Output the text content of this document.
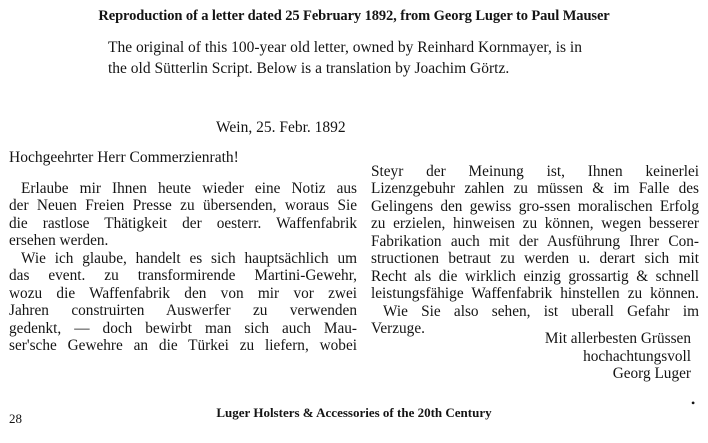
Reproduction of a letter dated 25 February 1892, from Georg Luger to Paul Mauser
The original of this 100-year old letter, owned by Reinhard Kornmayer, is in
the old Sütterlin Script. Below is a translation by Joachim Görtz.
Wein, 25. Febr. 1892
Hochgeehrter Herr Commerzienrath!
Erlaube mir Ihnen heute wieder eine Notiz aus
der Neuen Freien Presse zu übersenden, woraus Sie
die rastlose Thätigkeit der oesterr. Waffenfabrik
ersehen werden.
Wie ich glaube, handelt es sich hauptsächlich um
das event. zu transformirende Martini-Gewehr,
wozu die Waffenfabrik den von mir vor zwei
Jahren construirten Auswerfer zu verwenden
gedenkt, — doch bewirbt man sich auch Mau-
ser'sche Gewehre an die Türkei zu liefern, wobei
Steyr der Meinung ist, Ihnen keinerlei
Lizenzgebuhr zahlen zu müssen & im Falle des
Gelingens den gewiss gro-ssen moralischen Erfolg
zu erzielen, hinweisen zu können, wegen besserer
Fabrikation auch mit der Ausführung Ihrer Con-
structionen betraut zu werden u. derart sich mit
Recht als die wirklich einzig grossartig & schnell
leistungsfähige Waffenfabrik hinstellen zu können.
Wie Sie also sehen, ist uberall Gefahr im
Verzuge.
Mit allerbesten Grüssen
hochachtungsvoll
Georg Luger
28	Luger Holsters & Accessories of the 20th Century
•
